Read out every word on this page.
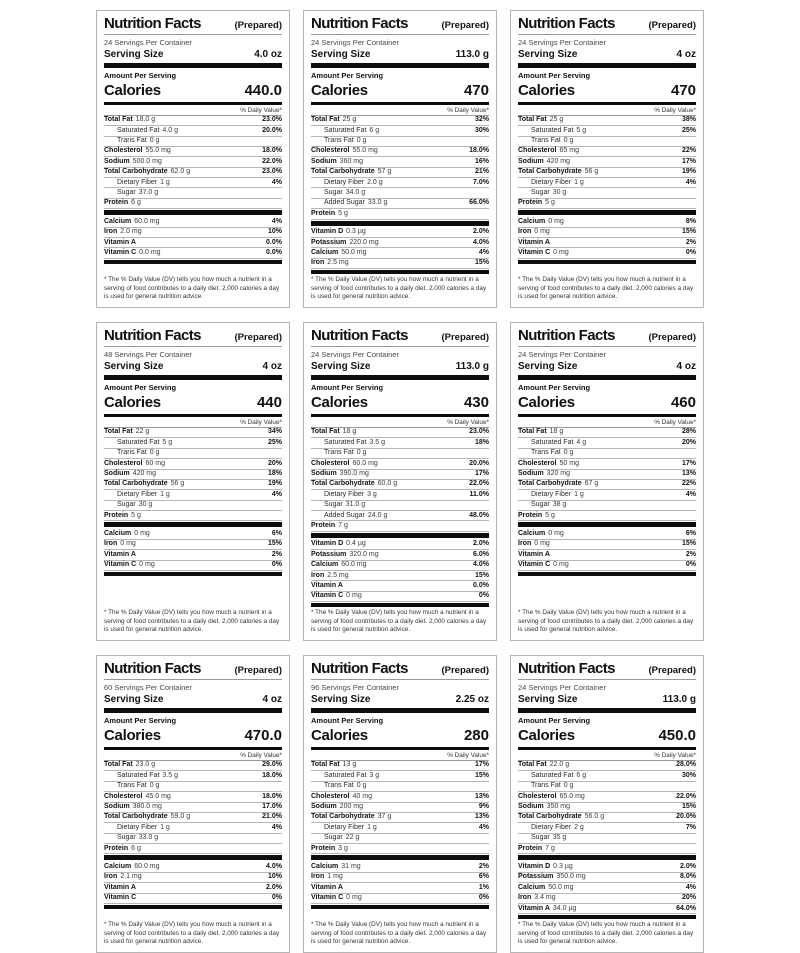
Nutrition Facts	(Prepared)
24 Servings Per Container
Serving Size	4.0 oz
Amount Per Serving
Calories	440.0
% Daily Value*
Total Fat 18.0 g	23.0%
Saturated Fat 4.0 g	20.0%
Trans Fat 0 g
Cholesterol 55.0 mg	18.0%
Sodium 500.0 mg	22.0%
Total Carbohydrate 62.0 g	23.0%
Dietary Fiber 1 g	4%
Sugar 37.0 g
Protein 6 g
Calcium 60.0 mg	4%
Iron 2.0 mg	10%
Vitamin A	0.0%
Vitamin C 0.0 mg	0.0%
* The % Daily Value (DV) tells you how much a nutrient in a serving of food contributes to a daily diet. 2,000 calories a day is used for general nutrition advice.
Nutrition Facts	(Prepared)
24 Servings Per Container
Serving Size	113.0 g
Amount Per Serving
Calories	470
% Daily Value*
Total Fat 25 g	32%
Saturated Fat 6 g	30%
Trans Fat 0 g
Cholesterol 55.0 mg	18.0%
Sodium 360 mg	16%
Total Carbohydrate 57 g	21%
Dietary Fiber 2.0 g	7.0%
Sugar 34.0 g
Added Sugar 33.0 g	66.0%
Protein 5 g
Vitamin D 0.3 µg	2.0%
Potassium 220.0 mg	4.0%
Calcium 50.0 mg	4%
Iron 2.5 mg	15%
* The % Daily Value (DV) tells you how much a nutrient in a serving of food contributes to a daily diet. 2,000 calories a day is used for general nutrition advice.
Nutrition Facts	(Prepared)
24 Servings Per Container
Serving Size	4 oz
Amount Per Serving
Calories	470
% Daily Value*
Total Fat 25 g	38%
Saturated Fat 5 g	25%
Trans Fat 0 g
Cholesterol 65 mg	22%
Sodium 420 mg	17%
Total Carbohydrate 56 g	19%
Dietary Fiber 1 g	4%
Sugar 30 g
Protein 5 g
Calcium 0 mg	8%
Iron 0 mg	15%
Vitamin A	2%
Vitamin C 0 mg	0%
* The % Daily Value (DV) tells you how much a nutrient in a serving of food contributes to a daily diet. 2,000 calories a day is used for general nutrition advice.
Nutrition Facts	(Prepared)
48 Servings Per Container
Serving Size	4 oz
Amount Per Serving
Calories	440
% Daily Value*
Total Fat 22 g	34%
Saturated Fat 5 g	25%
Trans Fat 0 g
Cholesterol 60 mg	20%
Sodium 420 mg	18%
Total Carbohydrate 56 g	19%
Dietary Fiber 1 g	4%
Sugar 30 g
Protein 5 g
Calcium 0 mg	6%
Iron 0 mg	15%
Vitamin A	2%
Vitamin C 0 mg	0%
* The % Daily Value (DV) tells you how much a nutrient in a serving of food contributes to a daily diet. 2,000 calories a day is used for general nutrition advice.
Nutrition Facts	(Prepared)
24 Servings Per Container
Serving Size	113.0 g
Amount Per Serving
Calories	430
% Daily Value*
Total Fat 18 g	23.0%
Saturated Fat 3.5 g	18%
Trans Fat 0 g
Cholesterol 60.0 mg	20.0%
Sodium 390.0 mg	17%
Total Carbohydrate 60.0 g	22.0%
Dietary Fiber 3 g	11.0%
Sugar 31.0 g
Added Sugar 24.0 g	48.0%
Protein 7 g
Vitamin D 0.4 µg	2.0%
Potassium 320.0 mg	6.0%
Calcium 60.0 mg	4.0%
Iron 2.5 mg	15%
Vitamin A	0.0%
Vitamin C 0 mg	0%
* The % Daily Value (DV) tells you how much a nutrient in a serving of food contributes to a daily diet. 2,000 calories a day is used for general nutrition advice.
Nutrition Facts	(Prepared)
24 Servings Per Container
Serving Size	4 oz
Amount Per Serving
Calories	460
% Daily Value*
Total Fat 18 g	28%
Saturated Fat 4 g	20%
Trans Fat 0 g
Cholesterol 50 mg	17%
Sodium 320 mg	13%
Total Carbohydrate 67 g	22%
Dietary Fiber 1 g	4%
Sugar 38 g
Protein 5 g
Calcium 0 mg	6%
Iron 0 mg	15%
Vitamin A	2%
Vitamin C 0 mg	0%
* The % Daily Value (DV) tells you how much a nutrient in a serving of food contributes to a daily diet. 2,000 calories a day is used for general nutrition advice.
Nutrition Facts	(Prepared)
60 Servings Per Container
Serving Size	4 oz
Amount Per Serving
Calories	470.0
% Daily Value*
Total Fat 23.0 g	29.0%
Saturated Fat 3.5 g	18.0%
Trans Fat 0 g
Cholesterol 45.0 mg	18.0%
Sodium 380.0 mg	17.0%
Total Carbohydrate 59.0 g	21.0%
Dietary Fiber 1 g	4%
Sugar 33.0 g
Protein 6 g
Calcium 60.0 mg	4.0%
Iron 2.1 mg	10%
Vitamin A	2.0%
Vitamin C	0%
* The % Daily Value (DV) tells you how much a nutrient in a serving of food contributes to a daily diet. 2,000 calories a day is used for general nutrition advice.
Nutrition Facts	(Prepared)
96 Servings Per Container
Serving Size	2.25 oz
Amount Per Serving
Calories	280
% Daily Value*
Total Fat 13 g	17%
Saturated Fat 3 g	15%
Trans Fat 0 g
Cholesterol 40 mg	13%
Sodium 200 mg	9%
Total Carbohydrate 37 g	13%
Dietary Fiber 1 g	4%
Sugar 22 g
Protein 3 g
Calcium 31 mg	2%
Iron 1 mg	6%
Vitamin A	1%
Vitamin C 0 mg	0%
* The % Daily Value (DV) tells you how much a nutrient in a serving of food contributes to a daily diet. 2,000 calories a day is used for general nutrition advice.
Nutrition Facts	(Prepared)
24 Servings Per Container
Serving Size	113.0 g
Amount Per Serving
Calories	450.0
% Daily Value*
Total Fat 22.0 g	28.0%
Saturated Fat 6 g	30%
Trans Fat 0 g
Cholesterol 65.0 mg	22.0%
Sodium 350 mg	15%
Total Carbohydrate 56.0 g	20.0%
Dietary Fiber 2 g	7%
Sugar 35 g
Protein 7 g
Vitamin D 0.3 µg	2.0%
Potassium 350.0 mg	8.0%
Calcium 50.0 mg	4%
Iron 3.4 mg	20%
Vitamin A 34.0 µg	64.0%
* The % Daily Value (DV) tells you how much a nutrient in a serving of food contributes to a daily diet. 2,000 calories a day is used for general nutrition advice.
